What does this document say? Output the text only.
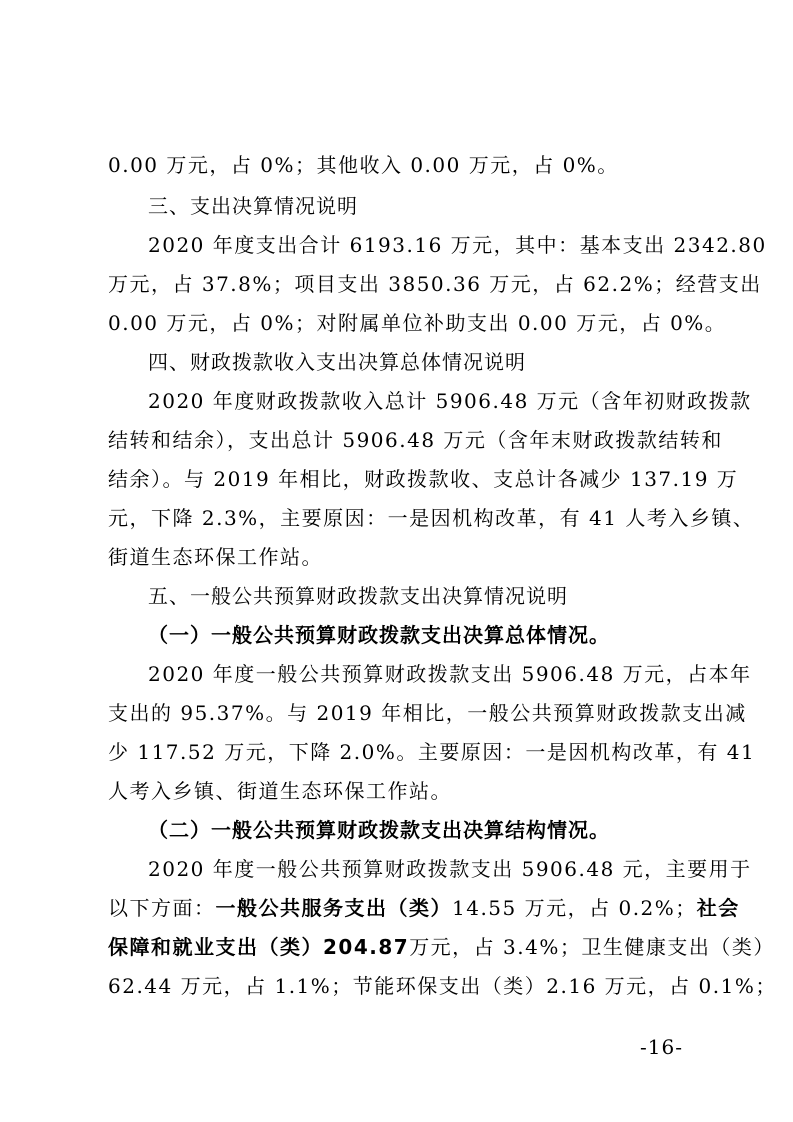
0.00 万元，占 0%；其他收入 0.00 万元，占 0%。
三、支出决算情况说明
2020 年度支出合计 6193.16 万元，其中：基本支出 2342.80
万元，占 37.8%；项目支出 3850.36 万元，占 62.2%；经营支出
0.00 万元，占 0%；对附属单位补助支出 0.00 万元，占 0%。
四、财政拨款收入支出决算总体情况说明
2020 年度财政拨款收入总计 5906.48 万元（含年初财政拨款
结转和结余），支出总计 5906.48 万元（含年末财政拨款结转和
结余）。与 2019 年相比，财政拨款收、支总计各减少 137.19 万
元，下降 2.3%，主要原因：一是因机构改革，有 41 人考入乡镇、
街道生态环保工作站。
五、一般公共预算财政拨款支出决算情况说明
（一）一般公共预算财政拨款支出决算总体情况。
2020 年度一般公共预算财政拨款支出 5906.48 万元，占本年
支出的 95.37%。与 2019 年相比，一般公共预算财政拨款支出减
少 117.52 万元，下降 2.0%。主要原因：一是因机构改革，有 41
人考入乡镇、街道生态环保工作站。
（二）一般公共预算财政拨款支出决算结构情况。
2020 年度一般公共预算财政拨款支出 5906.48 元，主要用于
以下方面：一般公共服务支出（类）14.55 万元，占 0.2%；社会
保障和就业支出（类）204.87万元，占 3.4%；卫生健康支出（类）
62.44 万元，占 1.1%；节能环保支出（类）2.16 万元，占 0.1%；
-16-
